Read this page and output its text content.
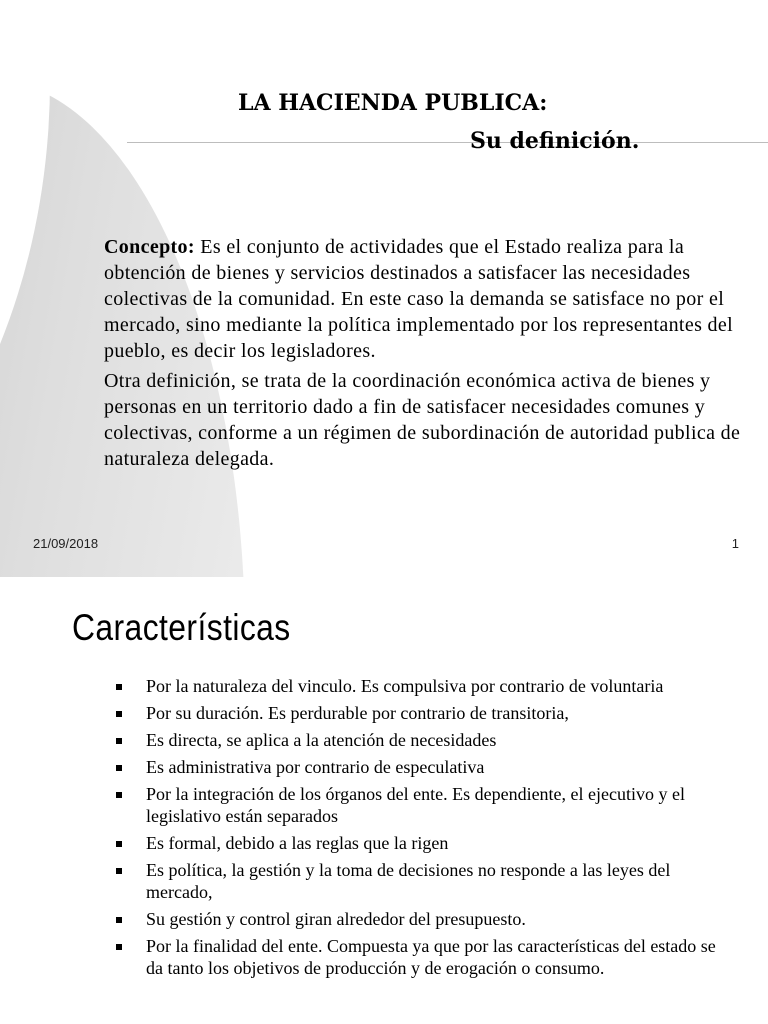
LA HACIENDA PUBLICA:
Su definición.

Concepto: Es el conjunto de actividades que el Estado realiza para la obtención de bienes y servicios destinados a satisfacer las necesidades colectivas de la comunidad. En este caso la demanda se satisface no por el mercado, sino mediante la política implementado por los representantes del pueblo, es decir los legisladores.

Otra definición, se trata de la coordinación económica activa de bienes y personas en un territorio dado a fin de satisfacer necesidades comunes y colectivas, conforme a un régimen de subordinación de autoridad publica de naturaleza delegada.

21/09/2018	1
Características
Por la naturaleza del vinculo. Es compulsiva por contrario de voluntaria
Por su duración. Es perdurable por contrario de transitoria,
Es directa, se aplica a la atención de necesidades
Es administrativa por contrario de especulativa
Por la integración de los órganos del ente. Es dependiente, el ejecutivo y el legislativo están separados
Es formal, debido a las reglas que la rigen
Es política, la gestión y la toma de decisiones no responde a las leyes del mercado,
Su gestión y control giran alrededor del presupuesto.
Por la finalidad del ente. Compuesta ya que por las características del estado se da tanto los objetivos de producción y de erogación o consumo.
